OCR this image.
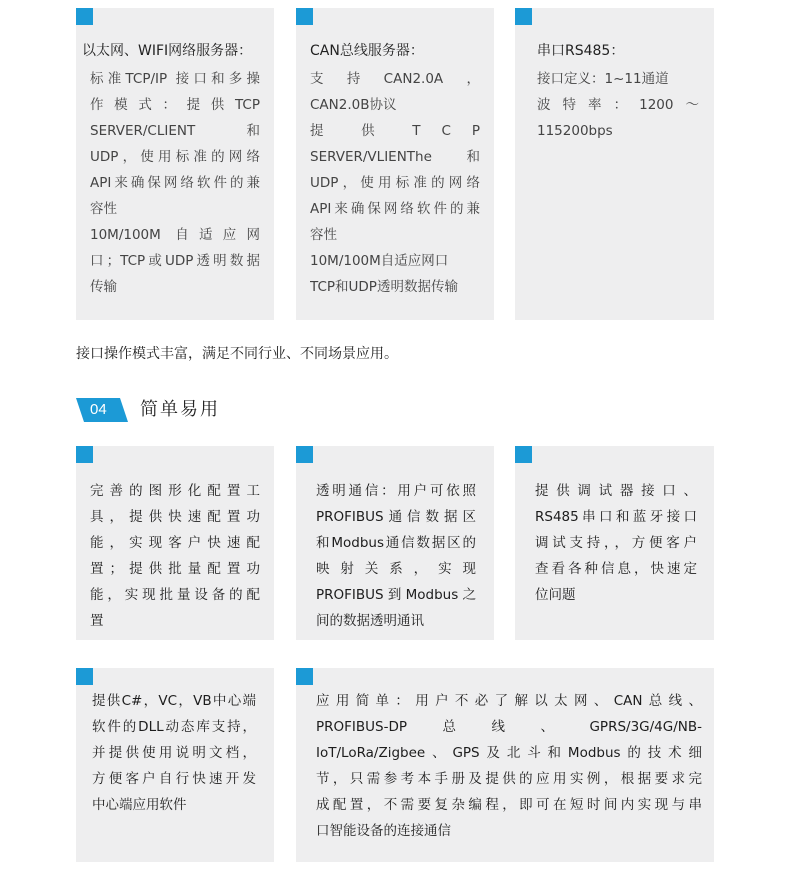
以太网、WIFI网络服务器：
标准TCP/IP 接口和多操
作模式：提供TCP
SERVER/CLIENT 和
UDP，使用标准的网络
API来确保网络软件的兼
容性
10M/100M 自适应网
口；TCP或UDP透明数据
传输
CAN总线服务器：
支持CAN2.0A，
CAN2.0B协议
提 供 T C P
SERVER/VLIENThe和
UDP，使用标准的网络
API来确保网络软件的兼
容性
10M/100M自适应网口
TCP和UDP透明数据传输
串口RS485：
接口定义：1~11通道
波特率：1200～
115200bps
接口操作模式丰富，满足不同行业、不同场景应用。
04 简单易用
完善的图形化配置工
具，提供快速配置功
能，实现客户快速配
置；提供批量配置功
能，实现批量设备的配
置
透明通信：用户可依照
PROFIBUS通信数据区
和Modbus通信数据区的
映 射 关 系 ， 实 现
PROFIBUS到Modbus之
间的数据透明通讯
提供调试器接口、
RS485串口和蓝牙接口
调试支持，，方便客户
查看各种信息，快速定
位问题
提供C#，VC，VB中心端
软件的DLL动态库支持，
并提供使用说明文档，
方便客户自行快速开发
中心端应用软件
应用简单：用户不必了解以太网、CAN总线、
PROFIBUS-DP总线、GPRS/3G/4G/NB-
IoT/LoRa/Zigbee、GPS及北斗和Modbus的技术细
节，只需参考本手册及提供的应用实例，根据要求完
成配置，不需要复杂编程，即可在短时间内实现与串
口智能设备的连接通信
